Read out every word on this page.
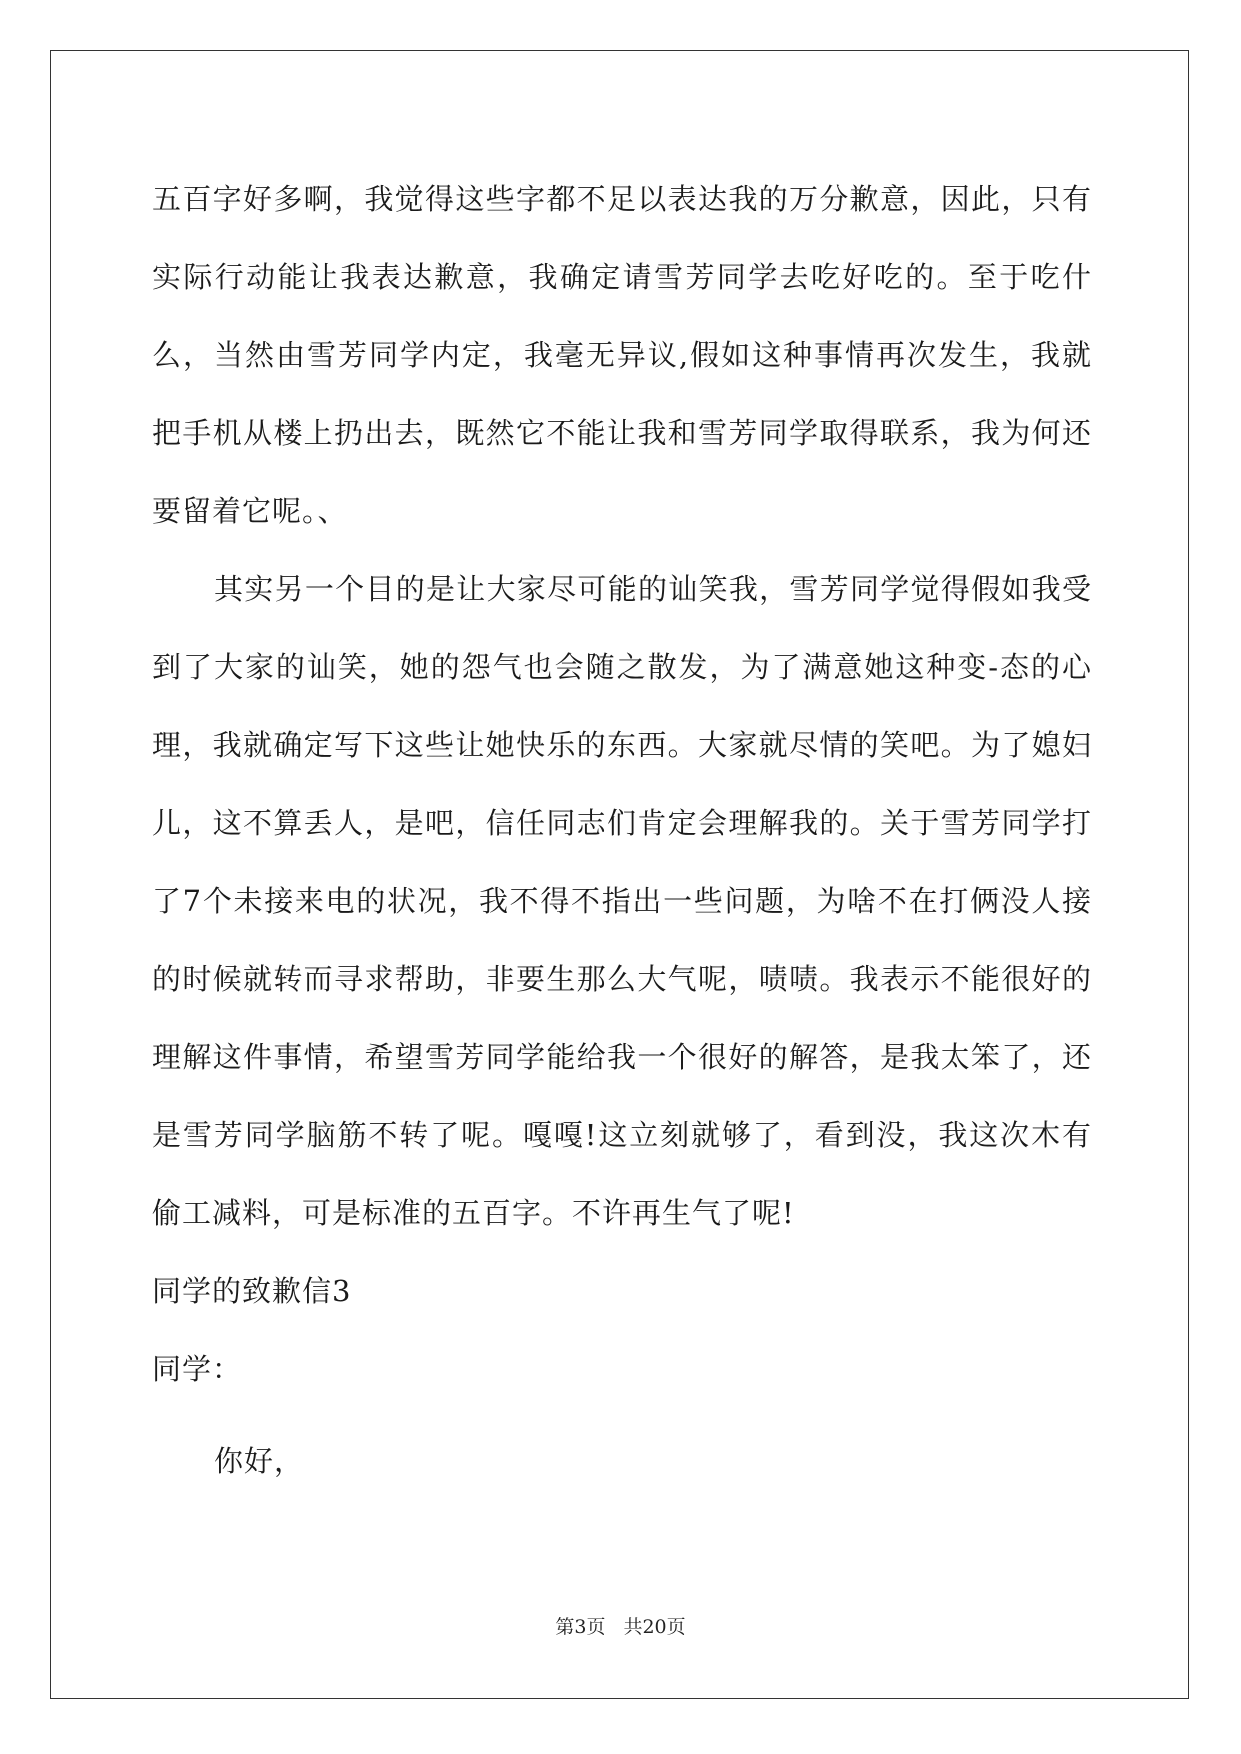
五百字好多啊，我觉得这些字都不足以表达我的万分歉意，因此，只有实际行动能让我表达歉意，我确定请雪芳同学去吃好吃的。至于吃什么，当然由雪芳同学内定，我毫无异议,假如这种事情再次发生，我就把手机从楼上扔出去，既然它不能让我和雪芳同学取得联系，我为何还要留着它呢。、

其实另一个目的是让大家尽可能的讪笑我，雪芳同学觉得假如我受到了大家的讪笑，她的怨气也会随之散发，为了满意她这种变-态的心理，我就确定写下这些让她快乐的东西。大家就尽情的笑吧。为了媳妇儿，这不算丢人，是吧，信任同志们肯定会理解我的。关于雪芳同学打了7个未接来电的状况，我不得不指出一些问题，为啥不在打俩没人接的时候就转而寻求帮助，非要生那么大气呢，啧啧。我表示不能很好的理解这件事情，希望雪芳同学能给我一个很好的解答，是我太笨了，还是雪芳同学脑筋不转了呢。嘎嘎!这立刻就够了，看到没，我这次木有偷工减料，可是标准的五百字。不许再生气了呢!

同学的致歉信3

同学：

你好，

第3页 共20页
